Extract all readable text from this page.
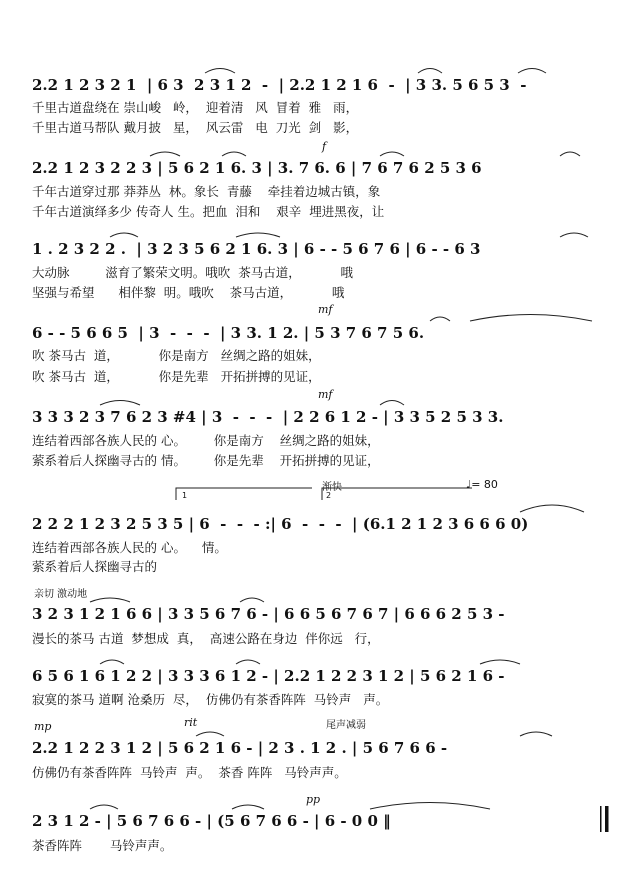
2.2 1 2 3 2 1  | 6 3  2 3 1 2  -  | 2.2 1 2 1 6  -  | 3 3. 5 6 5 3  -
千里古道盘绕在 崇山峻   岭，  迎着清   风  冒着  雅   雨，
千里古道马帮队 戴月披   星，  风云雷   电  刀光  剑   影，
f
2.2 1 2 3 2 2 3 | 5 6 2 1 6. 3 | 3. 7 6. 6 | 7 6 7 6 2 5 3 6
千年古道穿过那 莽莽丛  林。象长  青藤    牵挂着边城古镇，象
千年古道演绎多少 传奇人 生。把血  泪和    艰辛  埋进黑夜，让
1 . 2 3 2 2 .  | 3 2 3 5 6 2 1 6. 3 | 6 - - 5 6 7 6 | 6 - - 6 3
大动脉         滋育了繁荣文明。哦吹  茶马古道，          哦
坚强与希望      相伴黎  明。哦吹    茶马古道，          哦
mf
6 - - 5 6 6 5  | 3  -  -  -  | 3 3. 1 2. | 5 3 7 6 7 5 6.
吹 茶马古  道，          你是南方   丝绸之路的姐妹，
吹 茶马古  道，          你是先辈   开拓拼搏的见证，
mf
3 3 3 2 3 7 6 2 3 #4 | 3  -  -  -  | 2 2 6 1 2 - | 3 3 5 2 5 3 3.
连结着西部各族人民的 心。       你是南方    丝绸之路的姐妹，
萦系着后人探幽寻古的 情。       你是先辈    开拓拼搏的见证，
渐快	♩= 80
1	2
2 2 2 1 2 3 2 5 3 5 | 6  -  -  - :| 6  -  -  -  | (6.1 2 1 2 3 6 6 6 0)
连结着西部各族人民的 心。    情。
萦系着后人探幽寻古的
亲切 激动地
3 2 3 1 2 1 6 6 | 3 3 5 6 7 6 - | 6 6 5 6 7 6 7 | 6 6 6 2 5 3 -
漫长的茶马 古道  梦想成  真，  高速公路在身边  伴你远   行，
6 5 6 1 6 1 2 2 | 3 3 3 6 1 2 - | 2.2 1 2 2 3 1 2 | 5 6 2 1 6 -
寂寞的茶马 道啊 沧桑历  尽，  仿佛仍有茶香阵阵  马铃声   声。
mp	rit	尾声减弱
2.2 1 2 2 3 1 2 | 5 6 2 1 6 - | 2 3 . 1 2 . | 5 6 7 6 6 -
仿佛仍有茶香阵阵  马铃声  声。  茶香 阵阵   马铃声声。
pp
2 3 1 2 - | 5 6 7 6 6 - | (5 6 7 6 6 - | 6 - 0 0 ‖
茶香阵阵       马铃声声。
